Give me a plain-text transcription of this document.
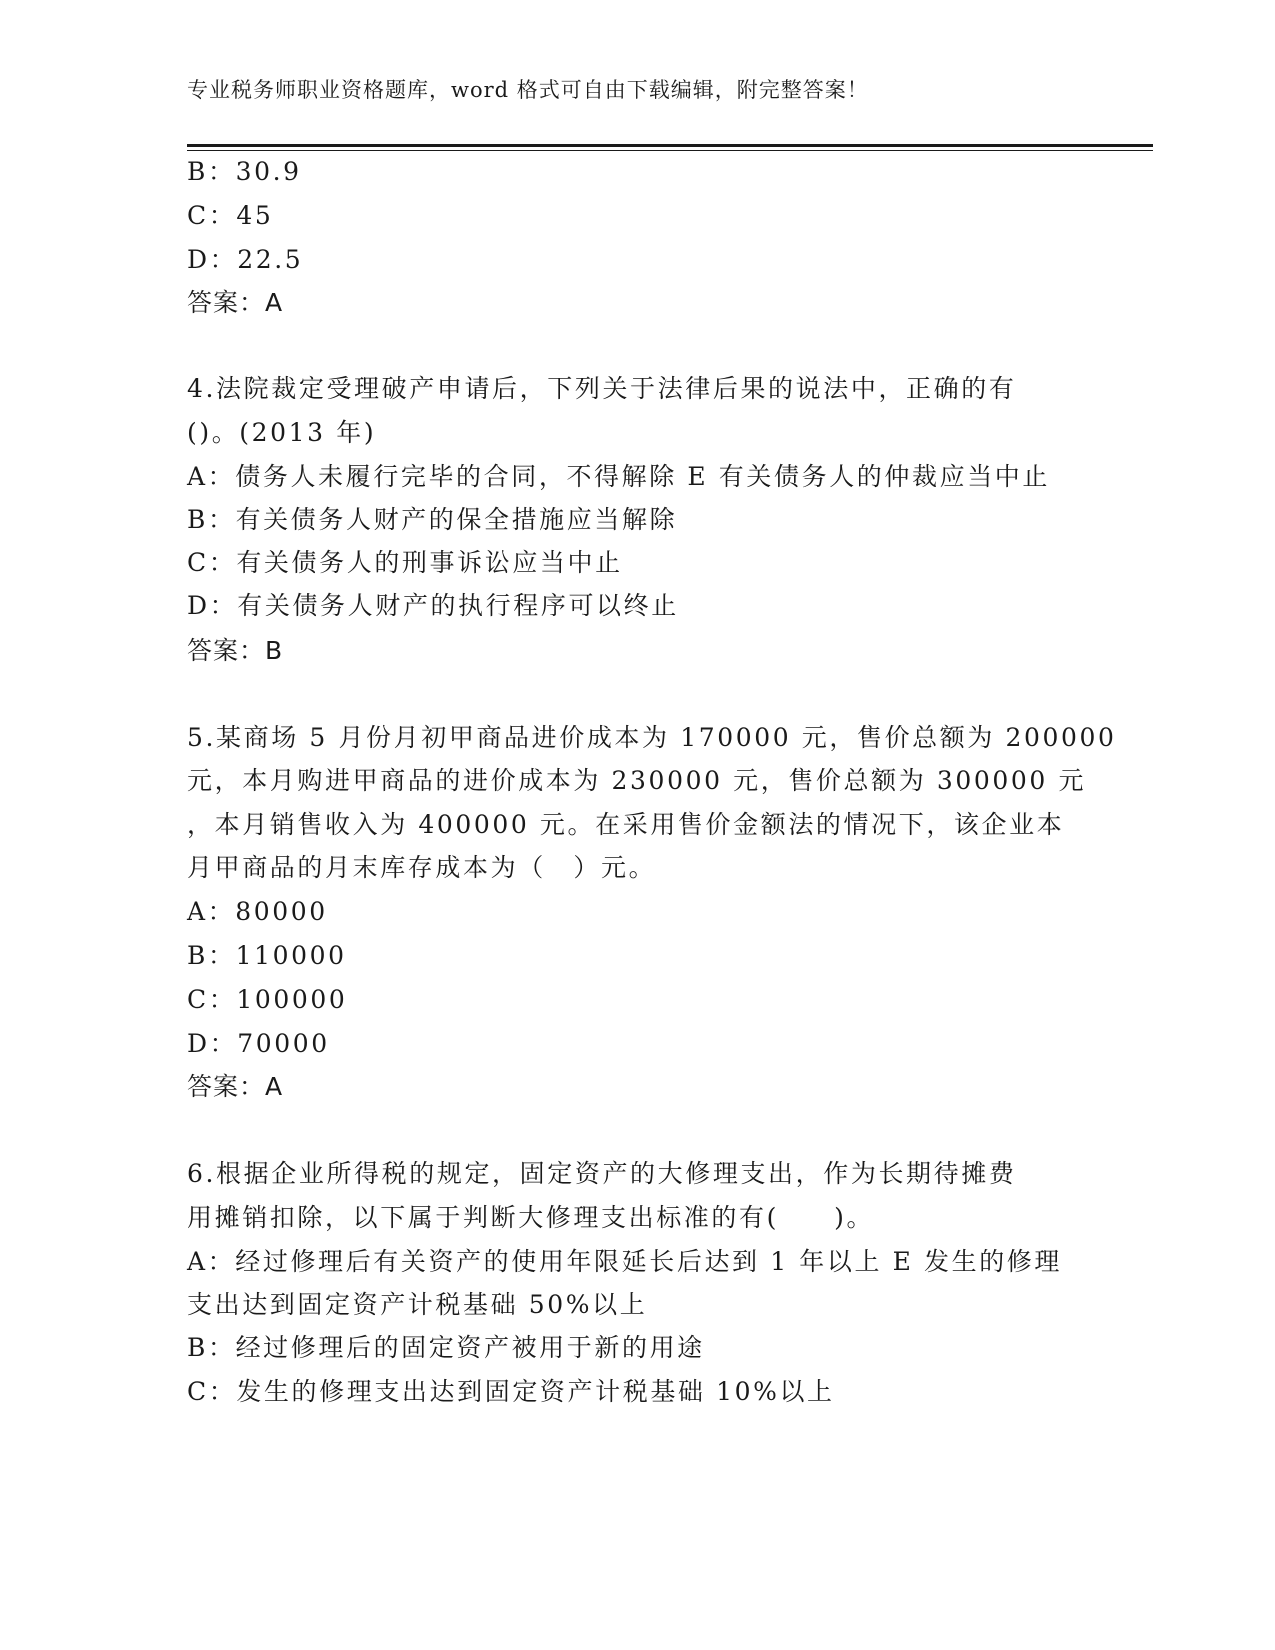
专业税务师职业资格题库，word 格式可自由下载编辑，附完整答案！
B：30.9
C：45
D：22.5
答案：A
4.法院裁定受理破产申请后，下列关于法律后果的说法中，正确的有
()。(2013 年)
A：债务人未履行完毕的合同，不得解除 E 有关债务人的仲裁应当中止
B：有关债务人财产的保全措施应当解除
C：有关债务人的刑事诉讼应当中止
D：有关债务人财产的执行程序可以终止
答案：B
5.某商场 5 月份月初甲商品进价成本为 170000 元，售价总额为 200000
元，本月购进甲商品的进价成本为 230000 元，售价总额为 300000 元
，本月销售收入为 400000 元。在采用售价金额法的情况下，该企业本
月甲商品的月末库存成本为（　）元。
A：80000
B：110000
C：100000
D：70000
答案：A
6.根据企业所得税的规定，固定资产的大修理支出，作为长期待摊费
用摊销扣除，以下属于判断大修理支出标准的有(　　)。
A：经过修理后有关资产的使用年限延长后达到 1 年以上 E 发生的修理
支出达到固定资产计税基础 50%以上
B：经过修理后的固定资产被用于新的用途
C：发生的修理支出达到固定资产计税基础 10%以上
